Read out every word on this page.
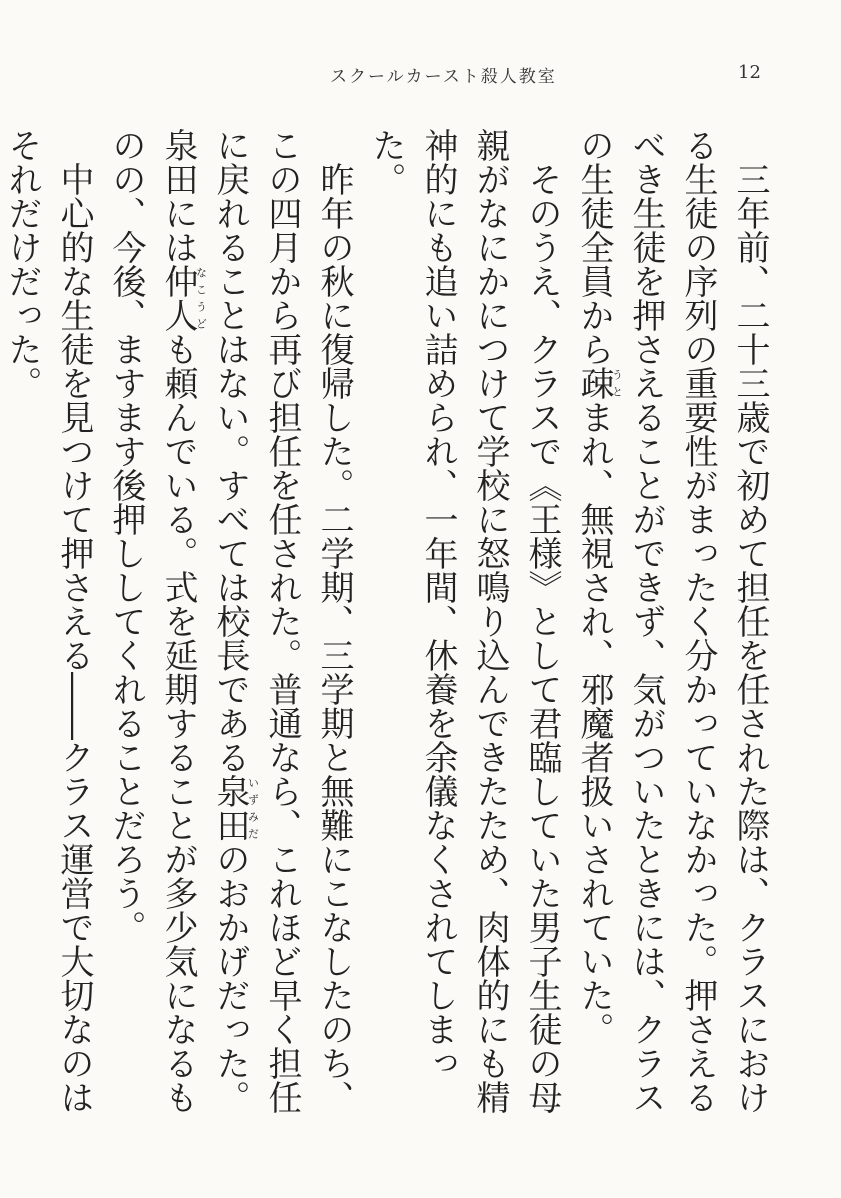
スクールカースト殺人教室	12

三年前、二十三歳で初めて担任を任された際は、クラスにおける生徒の序列の重要性がまったく分かっていなかった。押さえるべき生徒を押さえることができず、気がついたときには、クラスの生徒全員から疎うとまれ、無視され、邪魔者扱いされていた。

そのうえ、クラスで《王様》として君臨していた男子生徒の母親がなにかにつけて学校に怒鳴り込んできたため、肉体的にも精神的にも追い詰められ、一年間、休養を余儀なくされてしまった。

昨年の秋に復帰した。二学期、三学期と無難にこなしたのち、この四月から再び担任を任された。普通なら、これほど早く担任に戻れることはない。すべては校長である泉田いずみだのおかげだった。泉田には仲人なこうども頼んでいる。式を延期することが多少気になるものの、今後、ますます後押ししてくれることだろう。

中心的な生徒を見つけて押さえる――クラス運営で大切なのはそれだけだった。
